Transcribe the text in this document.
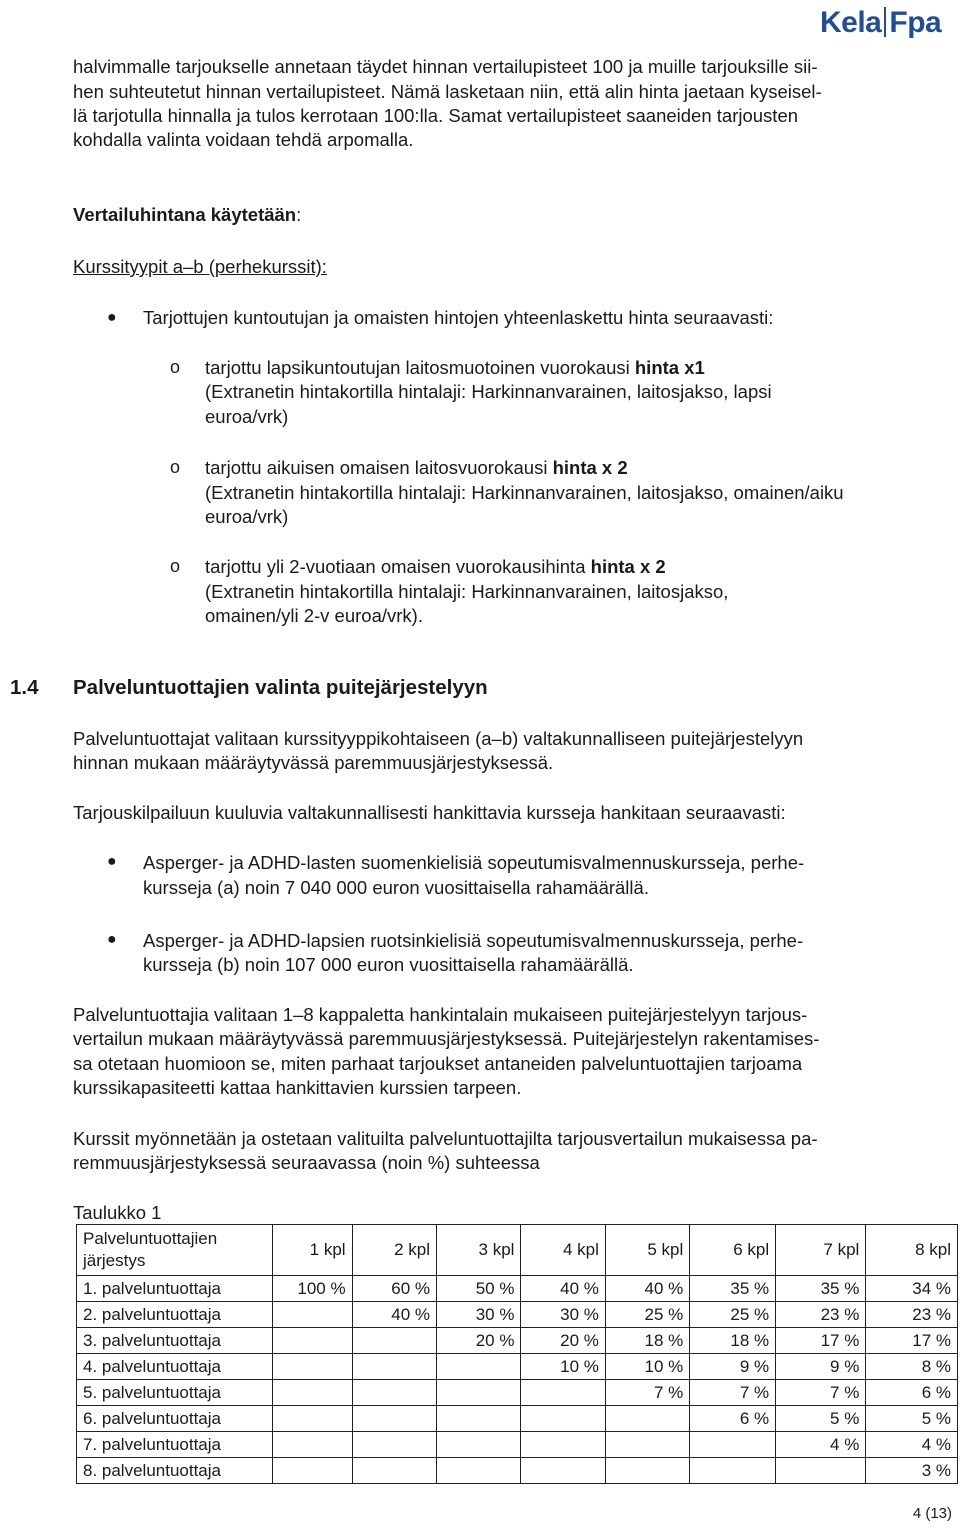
Kela Fpa

halvimmalle tarjoukselle annetaan täydet hinnan vertailupisteet 100 ja muille tarjouksille sii-

hen suhteutetut hinnan vertailupisteet. Nämä lasketaan niin, että alin hinta jaetaan kyseisel-

lä tarjotulla hinnalla ja tulos kerrotaan 100:lla. Samat vertailupisteet saaneiden tarjousten

kohdalla valinta voidaan tehdä arpomalla.

Vertailuhintana käytetään:

Kurssityypit a–b (perhekurssit):

● Tarjottujen kuntoutujan ja omaisten hintojen yhteenlaskettu hinta seuraavasti:

o tarjottu lapsikuntoutujan laitosmuotoinen vuorokausi hinta x1

(Extranetin hintakortilla hintalaji: Harkinnanvarainen, laitosjakso, lapsi

euroa/vrk)

o tarjottu aikuisen omaisen laitosvuorokausi hinta x 2

(Extranetin hintakortilla hintalaji: Harkinnanvarainen, laitosjakso, omainen/aiku

euroa/vrk)

o tarjottu yli 2-vuotiaan omaisen vuorokausihinta hinta x 2

(Extranetin hintakortilla hintalaji: Harkinnanvarainen, laitosjakso,

omainen/yli 2-v euroa/vrk).

1.4 Palveluntuottajien valinta puitejärjestelyyn

Palveluntuottajat valitaan kurssityyppikohtaiseen (a–b) valtakunnalliseen puitejärjestelyyn

hinnan mukaan määräytyvässä paremmuusjärjestyksessä.

Tarjouskilpailuun kuuluvia valtakunnallisesti hankittavia kursseja hankitaan seuraavasti:

● Asperger- ja ADHD-lasten suomenkielisiä sopeutumisvalmennuskursseja, perhe-

kursseja (a) noin 7 040 000 euron vuosittaisella rahamäärällä.

● Asperger- ja ADHD-lapsien ruotsinkielisiä sopeutumisvalmennuskursseja, perhe-

kursseja (b) noin 107 000 euron vuosittaisella rahamäärällä.

Palveluntuottajia valitaan 1–8 kappaletta hankintalain mukaiseen puitejärjestelyyn tarjous-

vertailun mukaan määräytyvässä paremmuusjärjestyksessä. Puitejärjestelyn rakentamises-

sa otetaan huomioon se, miten parhaat tarjoukset antaneiden palveluntuottajien tarjoama

kurssikapasiteetti kattaa hankittavien kurssien tarpeen.

Kurssit myönnetään ja ostetaan valituilta palveluntuottajilta tarjousvertailun mukaisessa pa-

remmuusjärjestyksessä seuraavassa (noin %) suhteessa

Taulukko 1

Palveluntuottajien järjestys	1 kpl	2 kpl	3 kpl	4 kpl	5 kpl	6 kpl	7 kpl	8 kpl
1. palveluntuottaja	100 %	60 %	50 %	40 %	40 %	35 %	35 %	34 %
2. palveluntuottaja		40 %	30 %	30 %	25 %	25 %	23 %	23 %
3. palveluntuottaja			20 %	20 %	18 %	18 %	17 %	17 %
4. palveluntuottaja				10 %	10 %	9 %	9 %	8 %
5. palveluntuottaja					7 %	7 %	7 %	6 %
6. palveluntuottaja						6 %	5 %	5 %
7. palveluntuottaja							4 %	4 %
8. palveluntuottaja								3 %
4 (13)
